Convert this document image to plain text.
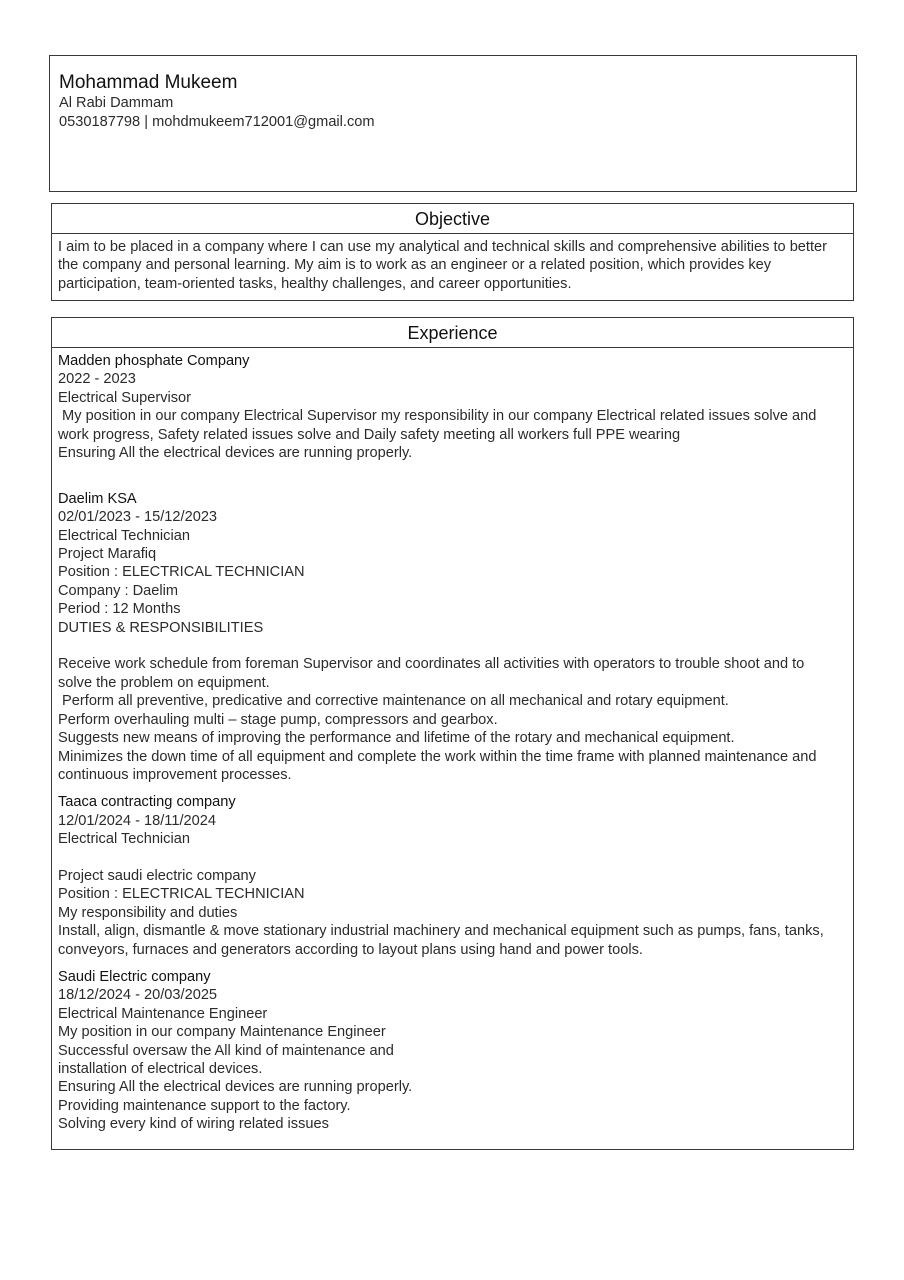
Mohammad Mukeem
Al Rabi Dammam
0530187798 | mohdmukeem712001@gmail.com
Objective
I aim to be placed in a company where I can use my analytical and technical skills and comprehensive abilities to better
the company and personal learning. My aim is to work as an engineer or a related position, which provides key
participation, team-oriented tasks, healthy challenges, and career opportunities.
Experience
Madden phosphate Company
2022 - 2023
Electrical Supervisor
My position in our company Electrical Supervisor my responsibility in our company Electrical related issues solve and
work progress, Safety related issues solve and Daily safety meeting all workers full PPE wearing
Ensuring All the electrical devices are running properly.
Daelim KSA
02/01/2023 - 15/12/2023
Electrical Technician
Project Marafiq
Position : ELECTRICAL TECHNICIAN
Company : Daelim
Period : 12 Months
DUTIES & RESPONSIBILITIES
Receive work schedule from foreman Supervisor and coordinates all activities with operators to trouble shoot and to
solve the problem on equipment.
Perform all preventive, predicative and corrective maintenance on all mechanical and rotary equipment.
Perform overhauling multi – stage pump, compressors and gearbox.
Suggests new means of improving the performance and lifetime of the rotary and mechanical equipment.
Minimizes the down time of all equipment and complete the work within the time frame with planned maintenance and
continuous improvement processes.
Taaca contracting company
12/01/2024 - 18/11/2024
Electrical Technician
Project saudi electric company
Position : ELECTRICAL TECHNICIAN
My responsibility and duties
Install, align, dismantle & move stationary industrial machinery and mechanical equipment such as pumps, fans, tanks,
conveyors, furnaces and generators according to layout plans using hand and power tools.
Saudi Electric company
18/12/2024 - 20/03/2025
Electrical Maintenance Engineer
My position in our company Maintenance Engineer
Successful oversaw the All kind of maintenance and
installation of electrical devices.
Ensuring All the electrical devices are running properly.
Providing maintenance support to the factory.
Solving every kind of wiring related issues
